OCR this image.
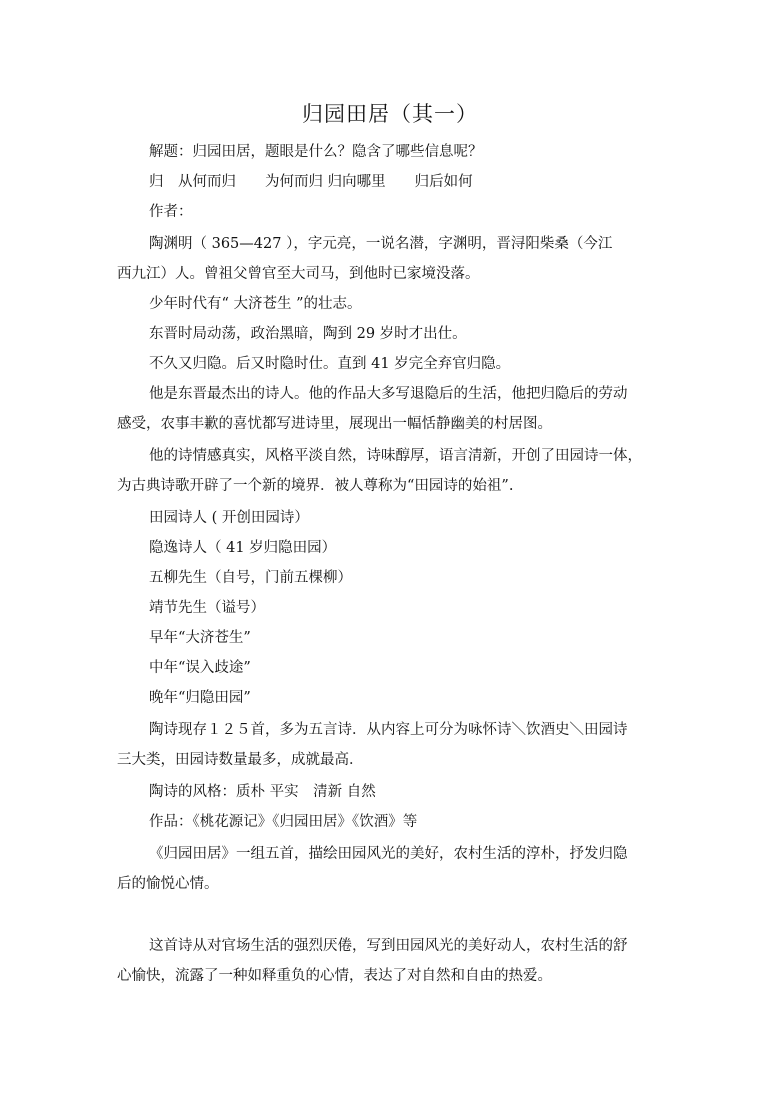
归园田居（其一）
解题：归园田居，题眼是什么？隐含了哪些信息呢？
归　从何而归　　为何而归 归向哪里　　归后如何
作者：
陶渊明（ 365—427 ），字元亮，一说名潜，字渊明，晋浔阳柴桑（今江
西九江）人。曾祖父曾官至大司马，到他时已家境没落。
少年时代有“ 大济苍生 ”的壮志。
东晋时局动荡，政治黑暗，陶到 29 岁时才出仕。
不久又归隐。后又时隐时仕。直到 41 岁完全弃官归隐。
他是东晋最杰出的诗人。他的作品大多写退隐后的生活，他把归隐后的劳动
感受，农事丰歉的喜忧都写进诗里，展现出一幅恬静幽美的村居图。
他的诗情感真实，风格平淡自然，诗味醇厚，语言清新，开创了田园诗一体，
为古典诗歌开辟了一个新的境界．被人尊称为“田园诗的始祖”.
田园诗人 ( 开创田园诗）
隐逸诗人（ 41 岁归隐田园）
五柳先生（自号，门前五棵柳）
靖节先生（谥号）
早年“大济苍生”
中年“误入歧途”
晚年“归隐田园”
陶诗现存１２５首，多为五言诗．从内容上可分为咏怀诗＼饮酒史＼田园诗
三大类，田园诗数量最多，成就最高．
陶诗的风格：质朴 平实　清新 自然
作品：《桃花源记》《归园田居》《饮酒》等
《归园田居》一组五首，描绘田园风光的美好，农村生活的淳朴，抒发归隐
后的愉悦心情。
这首诗从对官场生活的强烈厌倦，写到田园风光的美好动人，农村生活的舒
心愉快，流露了一种如释重负的心情，表达了对自然和自由的热爱。
